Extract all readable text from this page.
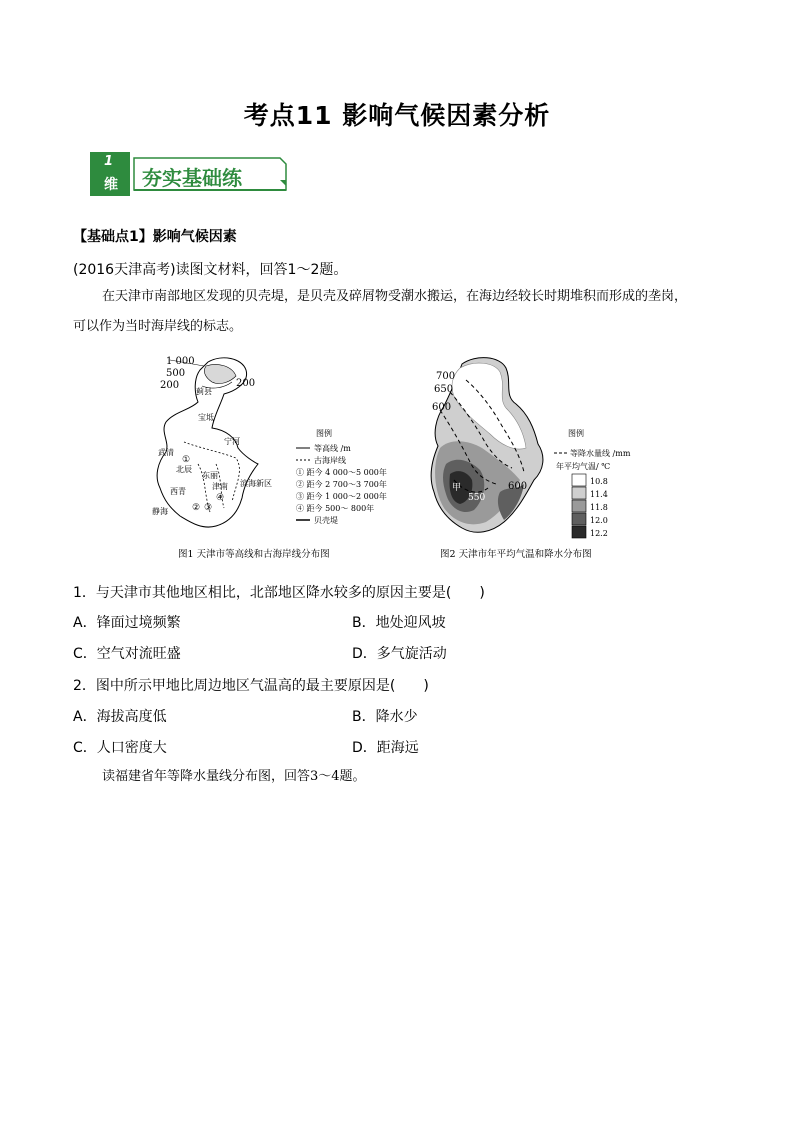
考点11 影响气候因素分析
1
维 夯实基础练
【基础点1】影响气候因素
(2016天津高考)读图文材料，回答1～2题。
在天津市南部地区发现的贝壳堤，是贝壳及碎屑物受潮水搬运，在海边经较长时期堆积而形成的垄岗，
可以作为当时海岸线的标志。
1 000
500
200	200
蓟县
宝坻
宁河
武清
北辰
东丽
津南
西青
静海
滨海新区
①
② ③
④
图例
等高线 /m
古海岸线
① 距今 4 000～5 000年
② 距今 2 700～3 700年
③ 距今 1 000～2 000年
④ 距今 500～ 800年
贝壳堤
图1 天津市等高线和古海岸线分布图
700
650
600
550
600
甲
图例
等降水量线 /mm
年平均气温/ ℃
10.8
11.4
11.8
12.0
12.2
图2 天津市年平均气温和降水分布图
1．与天津市其他地区相比，北部地区降水较多的原因主要是(　　)
A．锋面过境频繁	B．地处迎风坡
C．空气对流旺盛	D．多气旋活动
2．图中所示甲地比周边地区气温高的最主要原因是(　　)
A．海拔高度低	B．降水少
C．人口密度大	D．距海远
读福建省年等降水量线分布图，回答3～4题。
